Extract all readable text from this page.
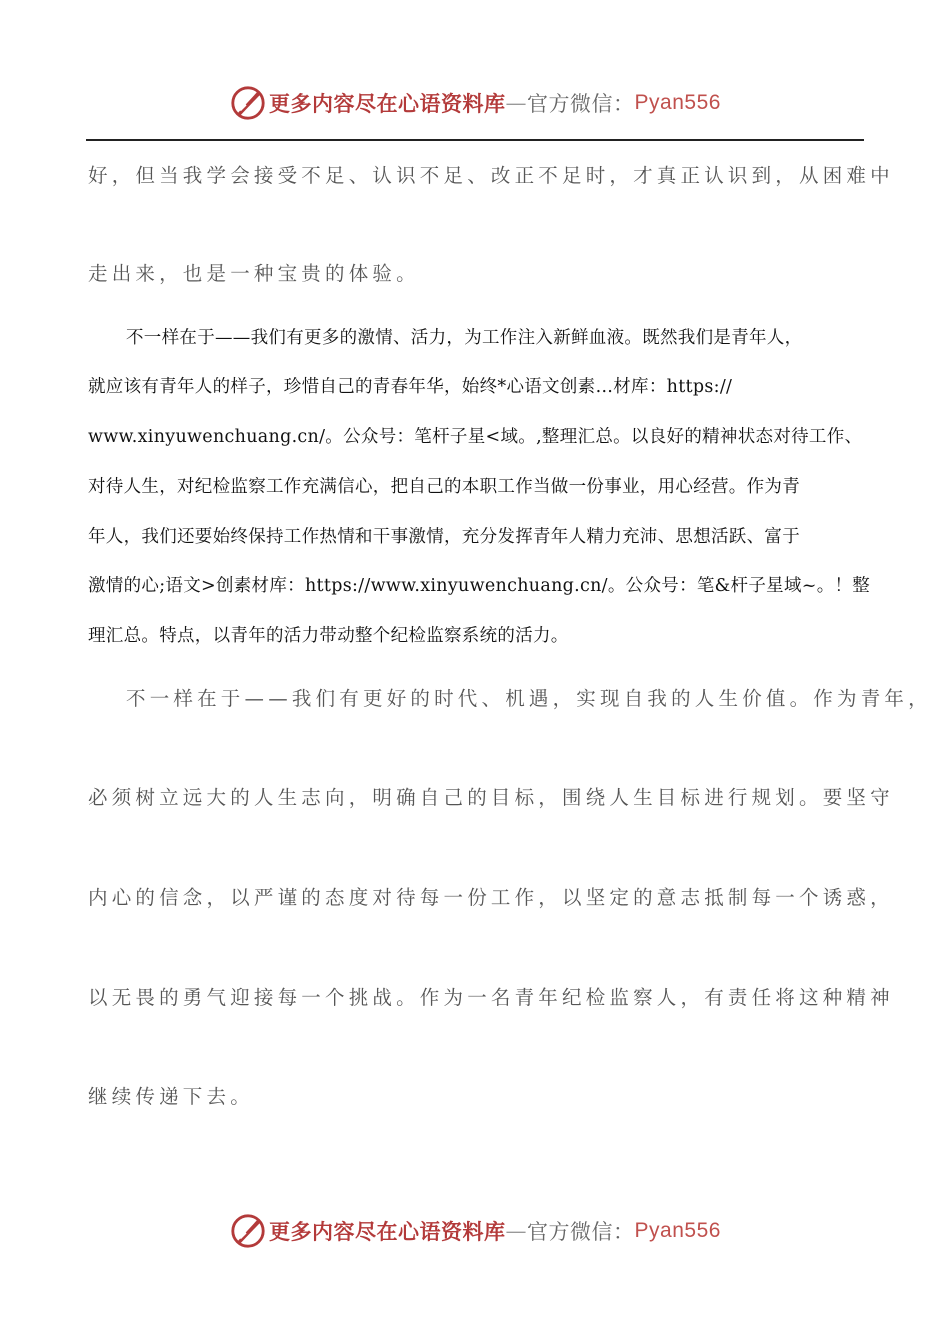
更多内容尽在心语资料库 — 官方微信： Pyan556

好，但当我学会接受不足、认识不足、改正不足时，才真正认识到，从困难中

走出来，也是一种宝贵的体验。

不一样在于——我们有更多的激情、活力，为工作注入新鲜血液。既然我们是青年人，

就应该有青年人的样子，珍惜自己的青春年华，始终*心语文创素…材库：https://

www.xinyuwenchuang.cn/。公众号：笔杆子星<域。,整理汇总。以良好的精神状态对待工作、

对待人生，对纪检监察工作充满信心，把自己的本职工作当做一份事业，用心经营。作为青

年人，我们还要始终保持工作热情和干事激情，充分发挥青年人精力充沛、思想活跃、富于

激情的心;语文>创素材库：https://www.xinyuwenchuang.cn/。公众号：笔&杆子星域~。！整

理汇总。特点，以青年的活力带动整个纪检监察系统的活力。

不一样在于——我们有更好的时代、机遇，实现自我的人生价值。作为青年，

必须树立远大的人生志向，明确自己的目标，围绕人生目标进行规划。要坚守

内心的信念，以严谨的态度对待每一份工作，以坚定的意志抵制每一个诱惑，

以无畏的勇气迎接每一个挑战。作为一名青年纪检监察人，有责任将这种精神

继续传递下去。

更多内容尽在心语资料库 — 官方微信： Pyan556
